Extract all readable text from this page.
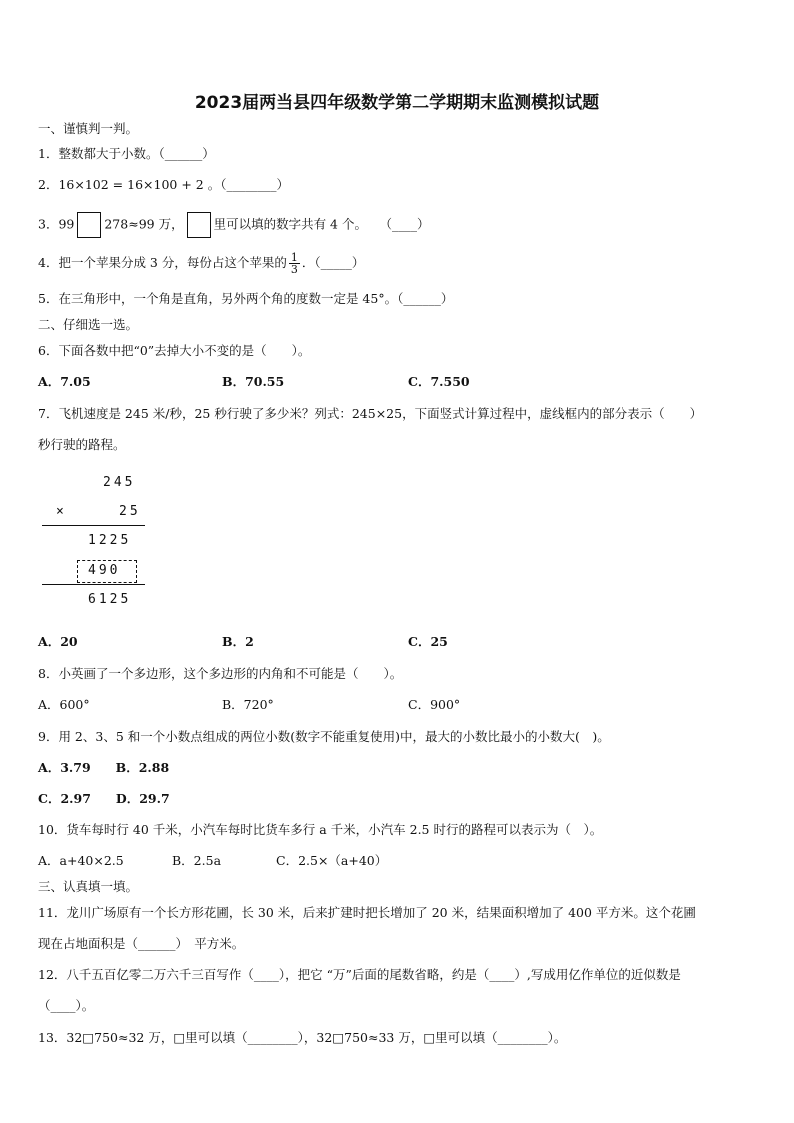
2023届两当县四年级数学第二学期期末监测模拟试题
一、谨慎判一判。
1．整数都大于小数。（______）
2．16×102 = 16×100 + 2 。（________）
3．99 278≈99 万， 里可以填的数字共有 4 个。　　（____）
4．把一个苹果分成 3 分，每份占这个苹果的 $\frac{1}{3}$ ．（_____）
5．在三角形中，一个角是直角，另外两个角的度数一定是 45°。（______）
二、仔细选一选。
6．下面各数中把“0”去掉大小不变的是（　　）。
A．7.05	B．70.55	C．7.550
7．飞机速度是 245 米/秒，25 秒行驶了多少米？列式：245×25，下面竖式计算过程中，虚线框内的部分表示（　　）
秒行驶的路程。
245
×	25
1225
490
6125
A．20	B．2	C．25
8．小英画了一个多边形，这个多边形的内角和不可能是（　　）。
A．600°	B．720°	C．900°
9．用 2、3、5 和一个小数点组成的两位小数(数字不能重复使用)中，最大的小数比最小的小数大(　)。
A．3.79　　B．2.88
C．2.97　　D．29.7
10．货车每时行 40 千米，小汽车每时比货车多行 a 千米，小汽车 2.5 时行的路程可以表示为（　）。
A．a+40×2.5	B．2.5a	C．2.5×（a+40）
三、认真填一填。
11．龙川广场原有一个长方形花圃，长 30 米，后来扩建时把长增加了 20 米，结果面积增加了 400 平方米。这个花圃
现在占地面积是（______）　平方米。
12．八千五百亿零二万六千三百写作（____），把它 “万”后面的尾数省略，约是（____）,写成用亿作单位的近似数是
（____）。
13．32□750≈32 万，□里可以填（________），32□750≈33 万，□里可以填（________）。
